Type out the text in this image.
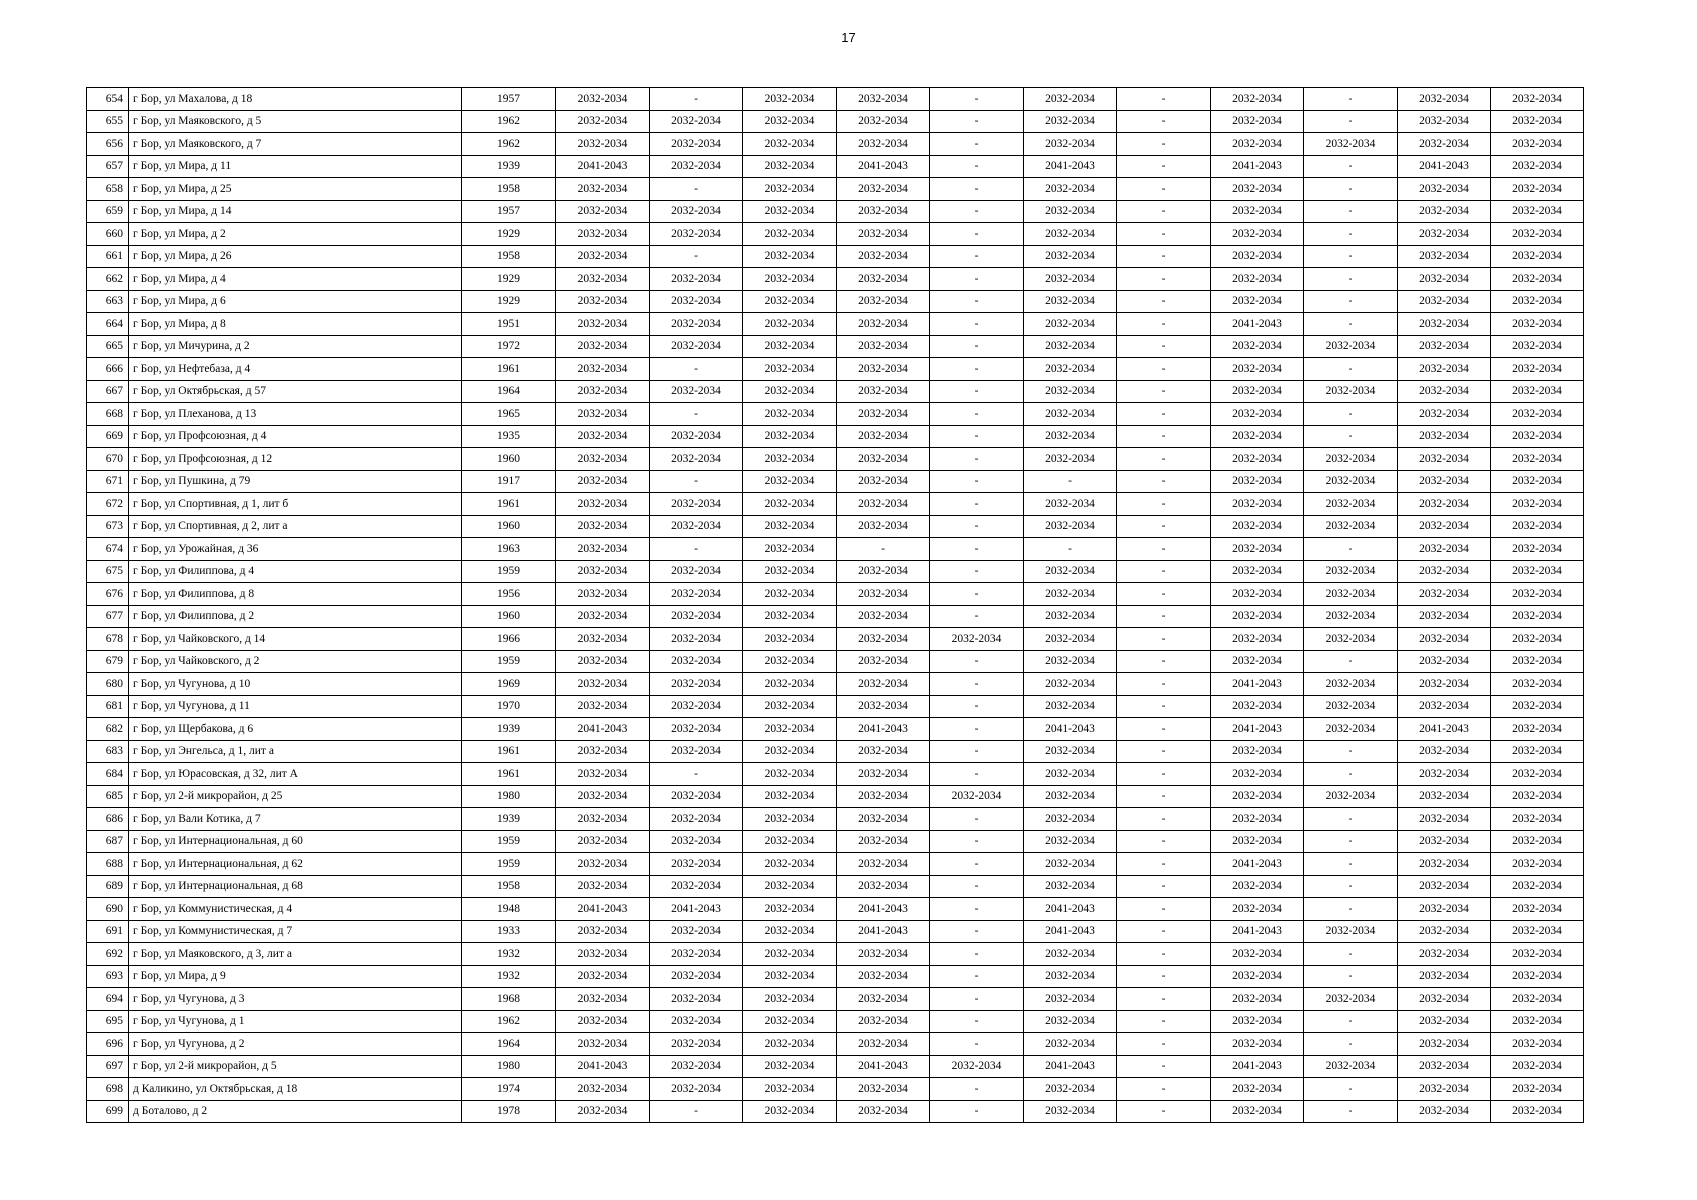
17
654	г Бор, ул Махалова, д 18	1957	2032-2034	-	2032-2034	2032-2034	-	2032-2034	-	2032-2034	-	2032-2034	2032-2034
655	г Бор, ул Маяковского, д 5	1962	2032-2034	2032-2034	2032-2034	2032-2034	-	2032-2034	-	2032-2034	-	2032-2034	2032-2034
656	г Бор, ул Маяковского, д 7	1962	2032-2034	2032-2034	2032-2034	2032-2034	-	2032-2034	-	2032-2034	2032-2034	2032-2034	2032-2034
657	г Бор, ул Мира, д 11	1939	2041-2043	2032-2034	2032-2034	2041-2043	-	2041-2043	-	2041-2043	-	2041-2043	2032-2034
658	г Бор, ул Мира, д 25	1958	2032-2034	-	2032-2034	2032-2034	-	2032-2034	-	2032-2034	-	2032-2034	2032-2034
659	г Бор, ул Мира, д 14	1957	2032-2034	2032-2034	2032-2034	2032-2034	-	2032-2034	-	2032-2034	-	2032-2034	2032-2034
660	г Бор, ул Мира, д 2	1929	2032-2034	2032-2034	2032-2034	2032-2034	-	2032-2034	-	2032-2034	-	2032-2034	2032-2034
661	г Бор, ул Мира, д 26	1958	2032-2034	-	2032-2034	2032-2034	-	2032-2034	-	2032-2034	-	2032-2034	2032-2034
662	г Бор, ул Мира, д 4	1929	2032-2034	2032-2034	2032-2034	2032-2034	-	2032-2034	-	2032-2034	-	2032-2034	2032-2034
663	г Бор, ул Мира, д 6	1929	2032-2034	2032-2034	2032-2034	2032-2034	-	2032-2034	-	2032-2034	-	2032-2034	2032-2034
664	г Бор, ул Мира, д 8	1951	2032-2034	2032-2034	2032-2034	2032-2034	-	2032-2034	-	2041-2043	-	2032-2034	2032-2034
665	г Бор, ул Мичурина, д 2	1972	2032-2034	2032-2034	2032-2034	2032-2034	-	2032-2034	-	2032-2034	2032-2034	2032-2034	2032-2034
666	г Бор, ул Нефтебаза, д 4	1961	2032-2034	-	2032-2034	2032-2034	-	2032-2034	-	2032-2034	-	2032-2034	2032-2034
667	г Бор, ул Октябрьская, д 57	1964	2032-2034	2032-2034	2032-2034	2032-2034	-	2032-2034	-	2032-2034	2032-2034	2032-2034	2032-2034
668	г Бор, ул Плеханова, д 13	1965	2032-2034	-	2032-2034	2032-2034	-	2032-2034	-	2032-2034	-	2032-2034	2032-2034
669	г Бор, ул Профсоюзная, д 4	1935	2032-2034	2032-2034	2032-2034	2032-2034	-	2032-2034	-	2032-2034	-	2032-2034	2032-2034
670	г Бор, ул Профсоюзная, д 12	1960	2032-2034	2032-2034	2032-2034	2032-2034	-	2032-2034	-	2032-2034	2032-2034	2032-2034	2032-2034
671	г Бор, ул Пушкина, д 79	1917	2032-2034	-	2032-2034	2032-2034	-	-	-	2032-2034	2032-2034	2032-2034	2032-2034
672	г Бор, ул Спортивная, д 1, лит б	1961	2032-2034	2032-2034	2032-2034	2032-2034	-	2032-2034	-	2032-2034	2032-2034	2032-2034	2032-2034
673	г Бор, ул Спортивная, д 2, лит а	1960	2032-2034	2032-2034	2032-2034	2032-2034	-	2032-2034	-	2032-2034	2032-2034	2032-2034	2032-2034
674	г Бор, ул Урожайная, д 36	1963	2032-2034	-	2032-2034	-	-	-	-	2032-2034	-	2032-2034	2032-2034
675	г Бор, ул Филиппова, д 4	1959	2032-2034	2032-2034	2032-2034	2032-2034	-	2032-2034	-	2032-2034	2032-2034	2032-2034	2032-2034
676	г Бор, ул Филиппова, д 8	1956	2032-2034	2032-2034	2032-2034	2032-2034	-	2032-2034	-	2032-2034	2032-2034	2032-2034	2032-2034
677	г Бор, ул Филиппова, д 2	1960	2032-2034	2032-2034	2032-2034	2032-2034	-	2032-2034	-	2032-2034	2032-2034	2032-2034	2032-2034
678	г Бор, ул Чайковского, д 14	1966	2032-2034	2032-2034	2032-2034	2032-2034	2032-2034	2032-2034	-	2032-2034	2032-2034	2032-2034	2032-2034
679	г Бор, ул Чайковского, д 2	1959	2032-2034	2032-2034	2032-2034	2032-2034	-	2032-2034	-	2032-2034	-	2032-2034	2032-2034
680	г Бор, ул Чугунова, д 10	1969	2032-2034	2032-2034	2032-2034	2032-2034	-	2032-2034	-	2041-2043	2032-2034	2032-2034	2032-2034
681	г Бор, ул Чугунова, д 11	1970	2032-2034	2032-2034	2032-2034	2032-2034	-	2032-2034	-	2032-2034	2032-2034	2032-2034	2032-2034
682	г Бор, ул Щербакова, д 6	1939	2041-2043	2032-2034	2032-2034	2041-2043	-	2041-2043	-	2041-2043	2032-2034	2041-2043	2032-2034
683	г Бор, ул Энгельса, д 1, лит а	1961	2032-2034	2032-2034	2032-2034	2032-2034	-	2032-2034	-	2032-2034	-	2032-2034	2032-2034
684	г Бор, ул Юрасовская, д 32, лит А	1961	2032-2034	-	2032-2034	2032-2034	-	2032-2034	-	2032-2034	-	2032-2034	2032-2034
685	г Бор, ул 2-й микрорайон, д 25	1980	2032-2034	2032-2034	2032-2034	2032-2034	2032-2034	2032-2034	-	2032-2034	2032-2034	2032-2034	2032-2034
686	г Бор, ул Вали Котика, д 7	1939	2032-2034	2032-2034	2032-2034	2032-2034	-	2032-2034	-	2032-2034	-	2032-2034	2032-2034
687	г Бор, ул Интернациональная, д 60	1959	2032-2034	2032-2034	2032-2034	2032-2034	-	2032-2034	-	2032-2034	-	2032-2034	2032-2034
688	г Бор, ул Интернациональная, д 62	1959	2032-2034	2032-2034	2032-2034	2032-2034	-	2032-2034	-	2041-2043	-	2032-2034	2032-2034
689	г Бор, ул Интернациональная, д 68	1958	2032-2034	2032-2034	2032-2034	2032-2034	-	2032-2034	-	2032-2034	-	2032-2034	2032-2034
690	г Бор, ул Коммунистическая, д 4	1948	2041-2043	2041-2043	2032-2034	2041-2043	-	2041-2043	-	2032-2034	-	2032-2034	2032-2034
691	г Бор, ул Коммунистическая, д 7	1933	2032-2034	2032-2034	2032-2034	2041-2043	-	2041-2043	-	2041-2043	2032-2034	2032-2034	2032-2034
692	г Бор, ул Маяковского, д 3, лит а	1932	2032-2034	2032-2034	2032-2034	2032-2034	-	2032-2034	-	2032-2034	-	2032-2034	2032-2034
693	г Бор, ул Мира, д 9	1932	2032-2034	2032-2034	2032-2034	2032-2034	-	2032-2034	-	2032-2034	-	2032-2034	2032-2034
694	г Бор, ул Чугунова, д 3	1968	2032-2034	2032-2034	2032-2034	2032-2034	-	2032-2034	-	2032-2034	2032-2034	2032-2034	2032-2034
695	г Бор, ул Чугунова, д 1	1962	2032-2034	2032-2034	2032-2034	2032-2034	-	2032-2034	-	2032-2034	-	2032-2034	2032-2034
696	г Бор, ул Чугунова, д 2	1964	2032-2034	2032-2034	2032-2034	2032-2034	-	2032-2034	-	2032-2034	-	2032-2034	2032-2034
697	г Бор, ул 2-й микрорайон, д 5	1980	2041-2043	2032-2034	2032-2034	2041-2043	2032-2034	2041-2043	-	2041-2043	2032-2034	2032-2034	2032-2034
698	д Каликино, ул Октябрьская, д 18	1974	2032-2034	2032-2034	2032-2034	2032-2034	-	2032-2034	-	2032-2034	-	2032-2034	2032-2034
699	д Боталово, д 2	1978	2032-2034	-	2032-2034	2032-2034	-	2032-2034	-	2032-2034	-	2032-2034	2032-2034
